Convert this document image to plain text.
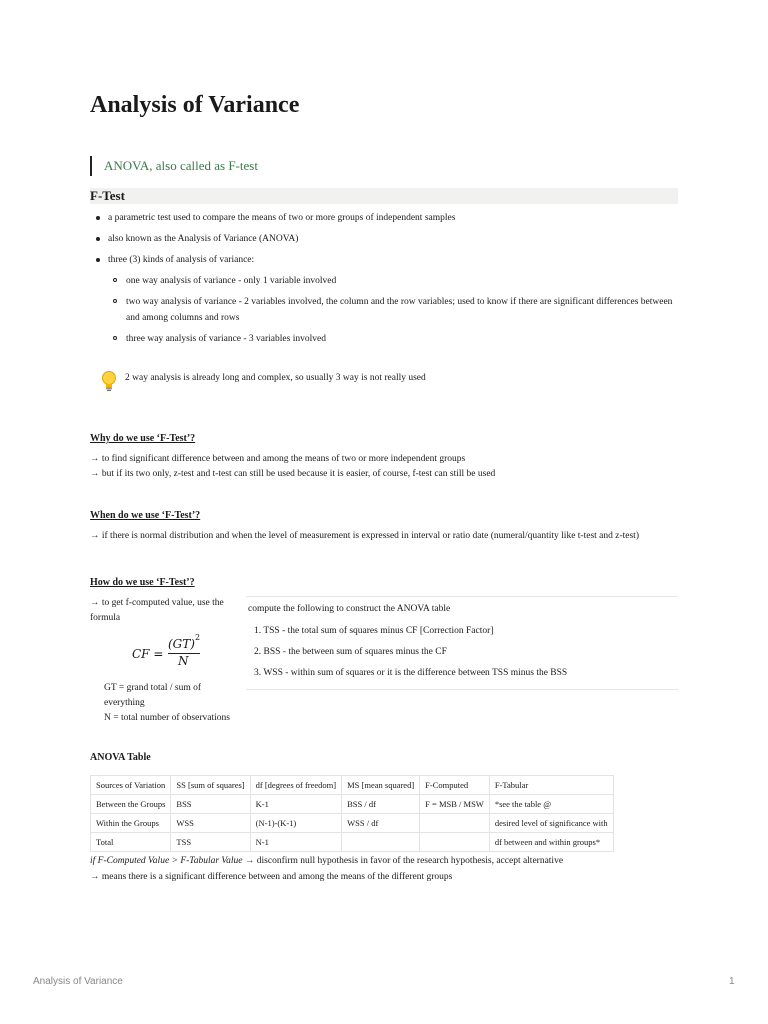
Analysis of Variance
ANOVA, also called as F-test
F-Test
a parametric test used to compare the means of two or more groups of independent samples
also known as the Analysis of Variance (ANOVA)
three (3) kinds of analysis of variance:
one way analysis of variance - only 1 variable involved
two way analysis of variance - 2 variables involved, the column and the row variables; used to know if there are significant differences between and among columns and rows
three way analysis of variance - 3 variables involved
2 way analysis is already long and complex, so usually 3 way is not really used
Why do we use ‘F-Test’?
→ to find significant difference between and among the means of two or more independent groups
→ but if its two only, z-test and t-test can still be used because it is easier, of course, f-test can still be used
When do we use ‘F-Test’?
→ if there is normal distribution and when the level of measurement is expressed in interval or ratio date (numeral/quantity like t-test and z-test)
How do we use ‘F-Test’?
→ to get f-computed value, use the formula
CF =
(GT) 2
N
GT = grand total / sum of everything
N = total number of observations
compute the following to construct the ANOVA table
1. TSS - the total sum of squares minus CF [Correction Factor]
2. BSS - the between sum of squares minus the CF
3. WSS - within sum of squares or it is the difference between TSS minus the BSS
ANOVA Table
Sources of Variation	SS [sum of squares]	df [degrees of freedom]	MS [mean squared]	F-Computed	F-Tabular
Between the Groups	BSS	K-1	BSS / df	F = MSB / MSW	*see the table @
Within the Groups	WSS	(N-1)-(K-1)	WSS / df		desired level of significance with
Total	TSS	N-1			df between and within groups*
if F-Computed Value > F-Tabular Value → disconfirm null hypothesis in favor of the research hypothesis, accept alternative
→ means there is a significant difference between and among the means of the different groups
Analysis of Variance	1
